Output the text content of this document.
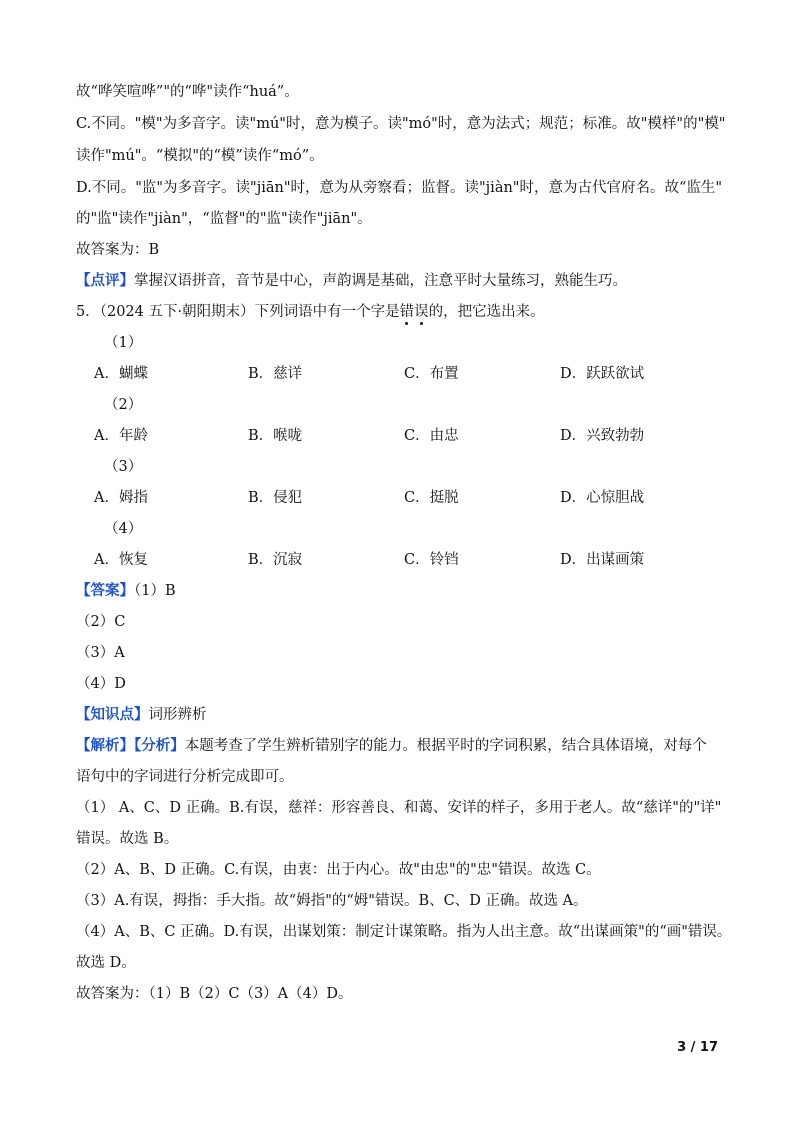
故“哗笑喧哗”"的“哗"读作“huá”。
C.不同。"模"为多音字。读"mú"时，意为模子。读"mó"时，意为法式；规范；标准。故"模样"的"模"
读作"mú"。“模拟"的“模”读作“mó”。
D.不同。"监"为多音字。读"jiān"时，意为从旁察看；监督。读"jiàn"时，意为古代官府名。故“监生"
的"监"读作"jiàn"，“监督"的"监"读作"jiān"。
故答案为：B
【点评】掌握汉语拼音，音节是中心，声韵调是基础，注意平时大量练习，熟能生巧。
5．（2024 五下·朝阳期末）下列词语中有一个字是错误的，把它选出来。
（1）
A．蝴蝶	B．慈详	C．布置	D．跃跃欲试
（2）
A．年龄	B．喉咙	C．由忠	D．兴致勃勃
（3）
A．姆指	B．侵犯	C．挺脱	D．心惊胆战
（4）
A．恢复	B．沉寂	C．铃铛	D．出谋画策
【答案】（1）B
（2）C
（3）A
（4）D
【知识点】词形辨析
【解析】【分析】本题考查了学生辨析错别字的能力。根据平时的字词积累，结合具体语境，对每个
语句中的字词进行分析完成即可。
（1） A、C、D 正确。B.有误，慈祥：形容善良、和蔼、安详的样子，多用于老人。故“慈详"的"详"
错误。故选 B。
（2）A、B、D 正确。C.有误，由衷：出于内心。故"由忠"的"忠"错误。故选 C。
（3）A.有误，拇指：手大指。故“姆指"的“姆"错误。B、C、D 正确。故选 A。
（4）A、B、C 正确。D.有误，出谋划策：制定计谋策略。指为人出主意。故“出谋画策"的“画"错误。
故选 D。
故答案为：（1）B（2）C（3）A（4）D。
3 / 17
